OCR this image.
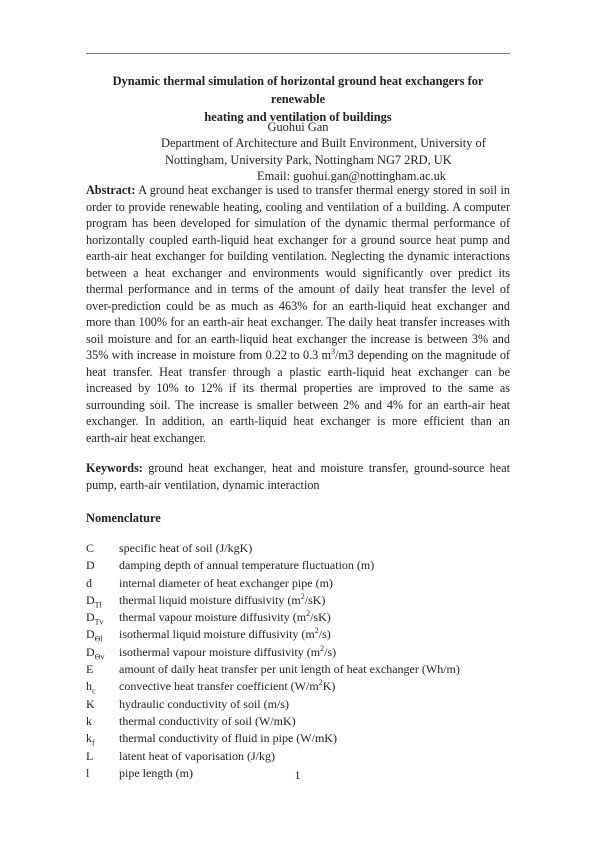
Dynamic thermal simulation of horizontal ground heat exchangers for renewable
heating and ventilation of buildings
Guohui Gan
Department of Architecture and Built Environment, University of
Nottingham, University Park, Nottingham NG7 2RD, UK
Email: guohui.gan@nottingham.ac.uk
Abstract: A ground heat exchanger is used to transfer thermal energy stored in soil in
order to provide renewable heating, cooling and ventilation of a building. A computer
program has been developed for simulation of the dynamic thermal performance of
horizontally coupled earth-liquid heat exchanger for a ground source heat pump and
earth-air heat exchanger for building ventilation. Neglecting the dynamic interactions
between a heat exchanger and environments would significantly over predict its
thermal performance and in terms of the amount of daily heat transfer the level of
over-prediction could be as much as 463% for an earth-liquid heat exchanger and
more than 100% for an earth-air heat exchanger. The daily heat transfer increases with
soil moisture and for an earth-liquid heat exchanger the increase is between 3% and
35% with increase in moisture from 0.22 to 0.3 $m^3/m3$ depending on the magnitude of
heat transfer. Heat transfer through a plastic earth-liquid heat exchanger can be
increased by 10% to 12% if its thermal properties are improved to the same as
surrounding soil. The increase is smaller between 2% and 4% for an earth-air heat
exchanger. In addition, an earth-liquid heat exchanger is more efficient than an
earth-air heat exchanger.
Keywords: ground heat exchanger, heat and moisture transfer, ground-source heat
pump, earth-air ventilation, dynamic interaction
Nomenclature
C specific heat of soil (J/kgK)
D damping depth of annual temperature fluctuation (m)
d internal diameter of heat exchanger pipe (m)
$D_{Tl}$ thermal liquid moisture diffusivity $(m^2/sK)$
$D_{Tv}$ thermal vapour moisture diffusivity $(m^2/sK)$
$D_{\Theta l}$ isothermal liquid moisture diffusivity $(m^2/s)$
$D_{\Theta v}$ isothermal vapour moisture diffusivity $(m^2/s)$
E amount of daily heat transfer per unit length of heat exchanger (Wh/m)
$h_c$ convective heat transfer coefficient $(W/m^2K)$
K hydraulic conductivity of soil (m/s)
k thermal conductivity of soil (W/mK)
$k_f$ thermal conductivity of fluid in pipe (W/mK)
L latent heat of vaporisation (J/kg)
l pipe length (m)	1
